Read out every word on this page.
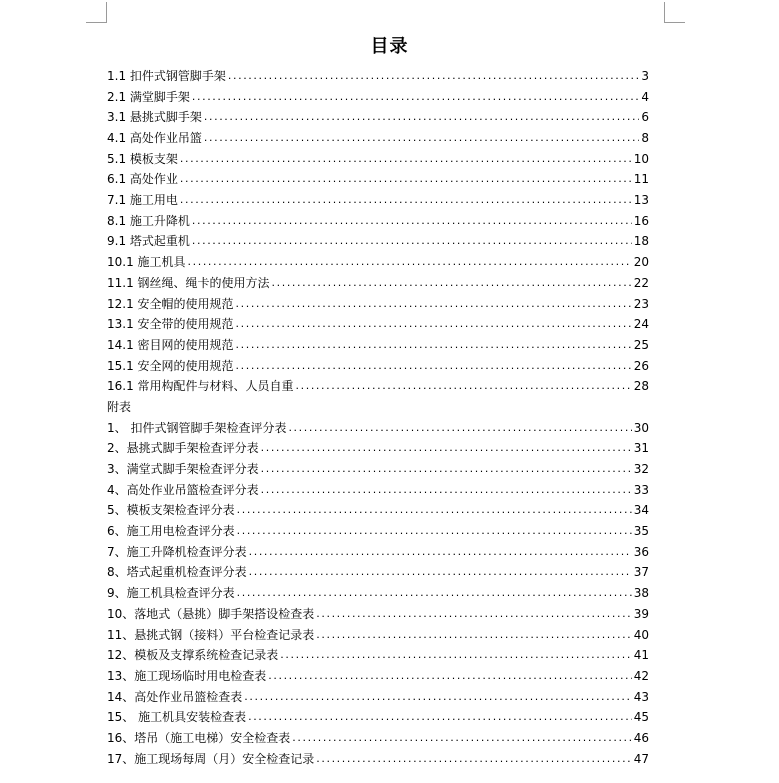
目录
1.1 扣件式钢管脚手架 .....	3
2.1 满堂脚手架 .....	4
3.1 悬挑式脚手架 .....	6
4.1 高处作业吊篮 .....	8
5.1 模板支架 .....	10
6.1 高处作业 .....	11
7.1 施工用电 .....	13
8.1 施工升降机 .....	16
9.1 塔式起重机 .....	18
10.1 施工机具 .....	20
11.1 钢丝绳、绳卡的使用方法 .....	22
12.1 安全帽的使用规范 .....	23
13.1 安全带的使用规范 .....	24
14.1 密目网的使用规范 .....	25
15.1 安全网的使用规范 .....	26
16.1 常用构配件与材料、人员自重 .....	28
附表
1、 扣件式钢管脚手架检查评分表 .....	30
2、悬挑式脚手架检查评分表 .....	31
3、满堂式脚手架检查评分表 .....	32
4、高处作业吊篮检查评分表 .....	33
5、模板支架检查评分表 .....	34
6、施工用电检查评分表 .....	35
7、施工升降机检查评分表 .....	36
8、塔式起重机检查评分表 .....	37
9、施工机具检查评分表 .....	38
10、落地式（悬挑）脚手架搭设检查表 .....	39
11、悬挑式钢（接料）平台检查记录表 .....	40
12、模板及支撑系统检查记录表 .....	41
13、施工现场临时用电检查表 .....	42
14、高处作业吊篮检查表 .....	43
15、 施工机具安装检查表 .....	45
16、塔吊（施工电梯）安全检查表 .....	46
17、施工现场每周（月）安全检查记录 .....	47
